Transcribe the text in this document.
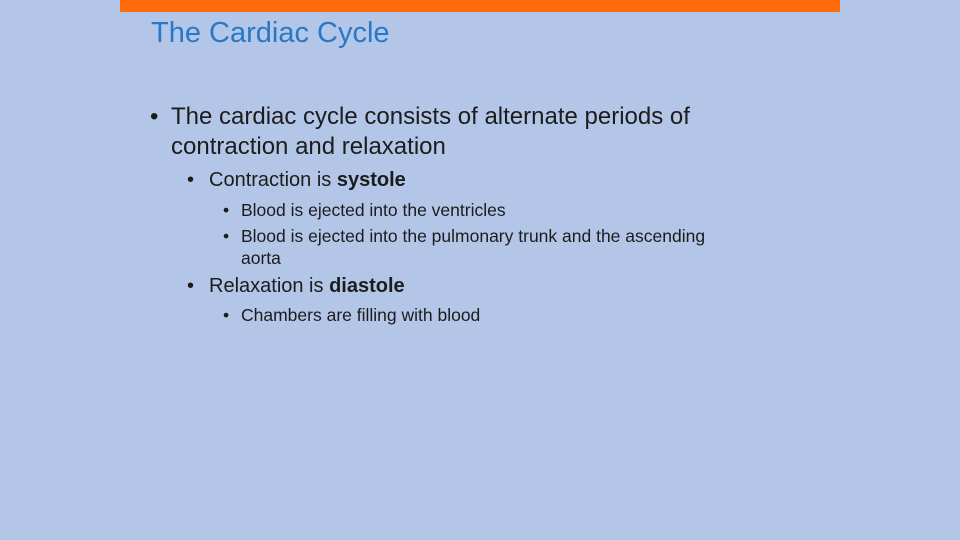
The Cardiac Cycle

• The cardiac cycle consists of alternate periods of contraction and relaxation

• Contraction is systole

• Blood is ejected into the ventricles

• Blood is ejected into the pulmonary trunk and the ascending aorta

• Relaxation is diastole

• Chambers are filling with blood
